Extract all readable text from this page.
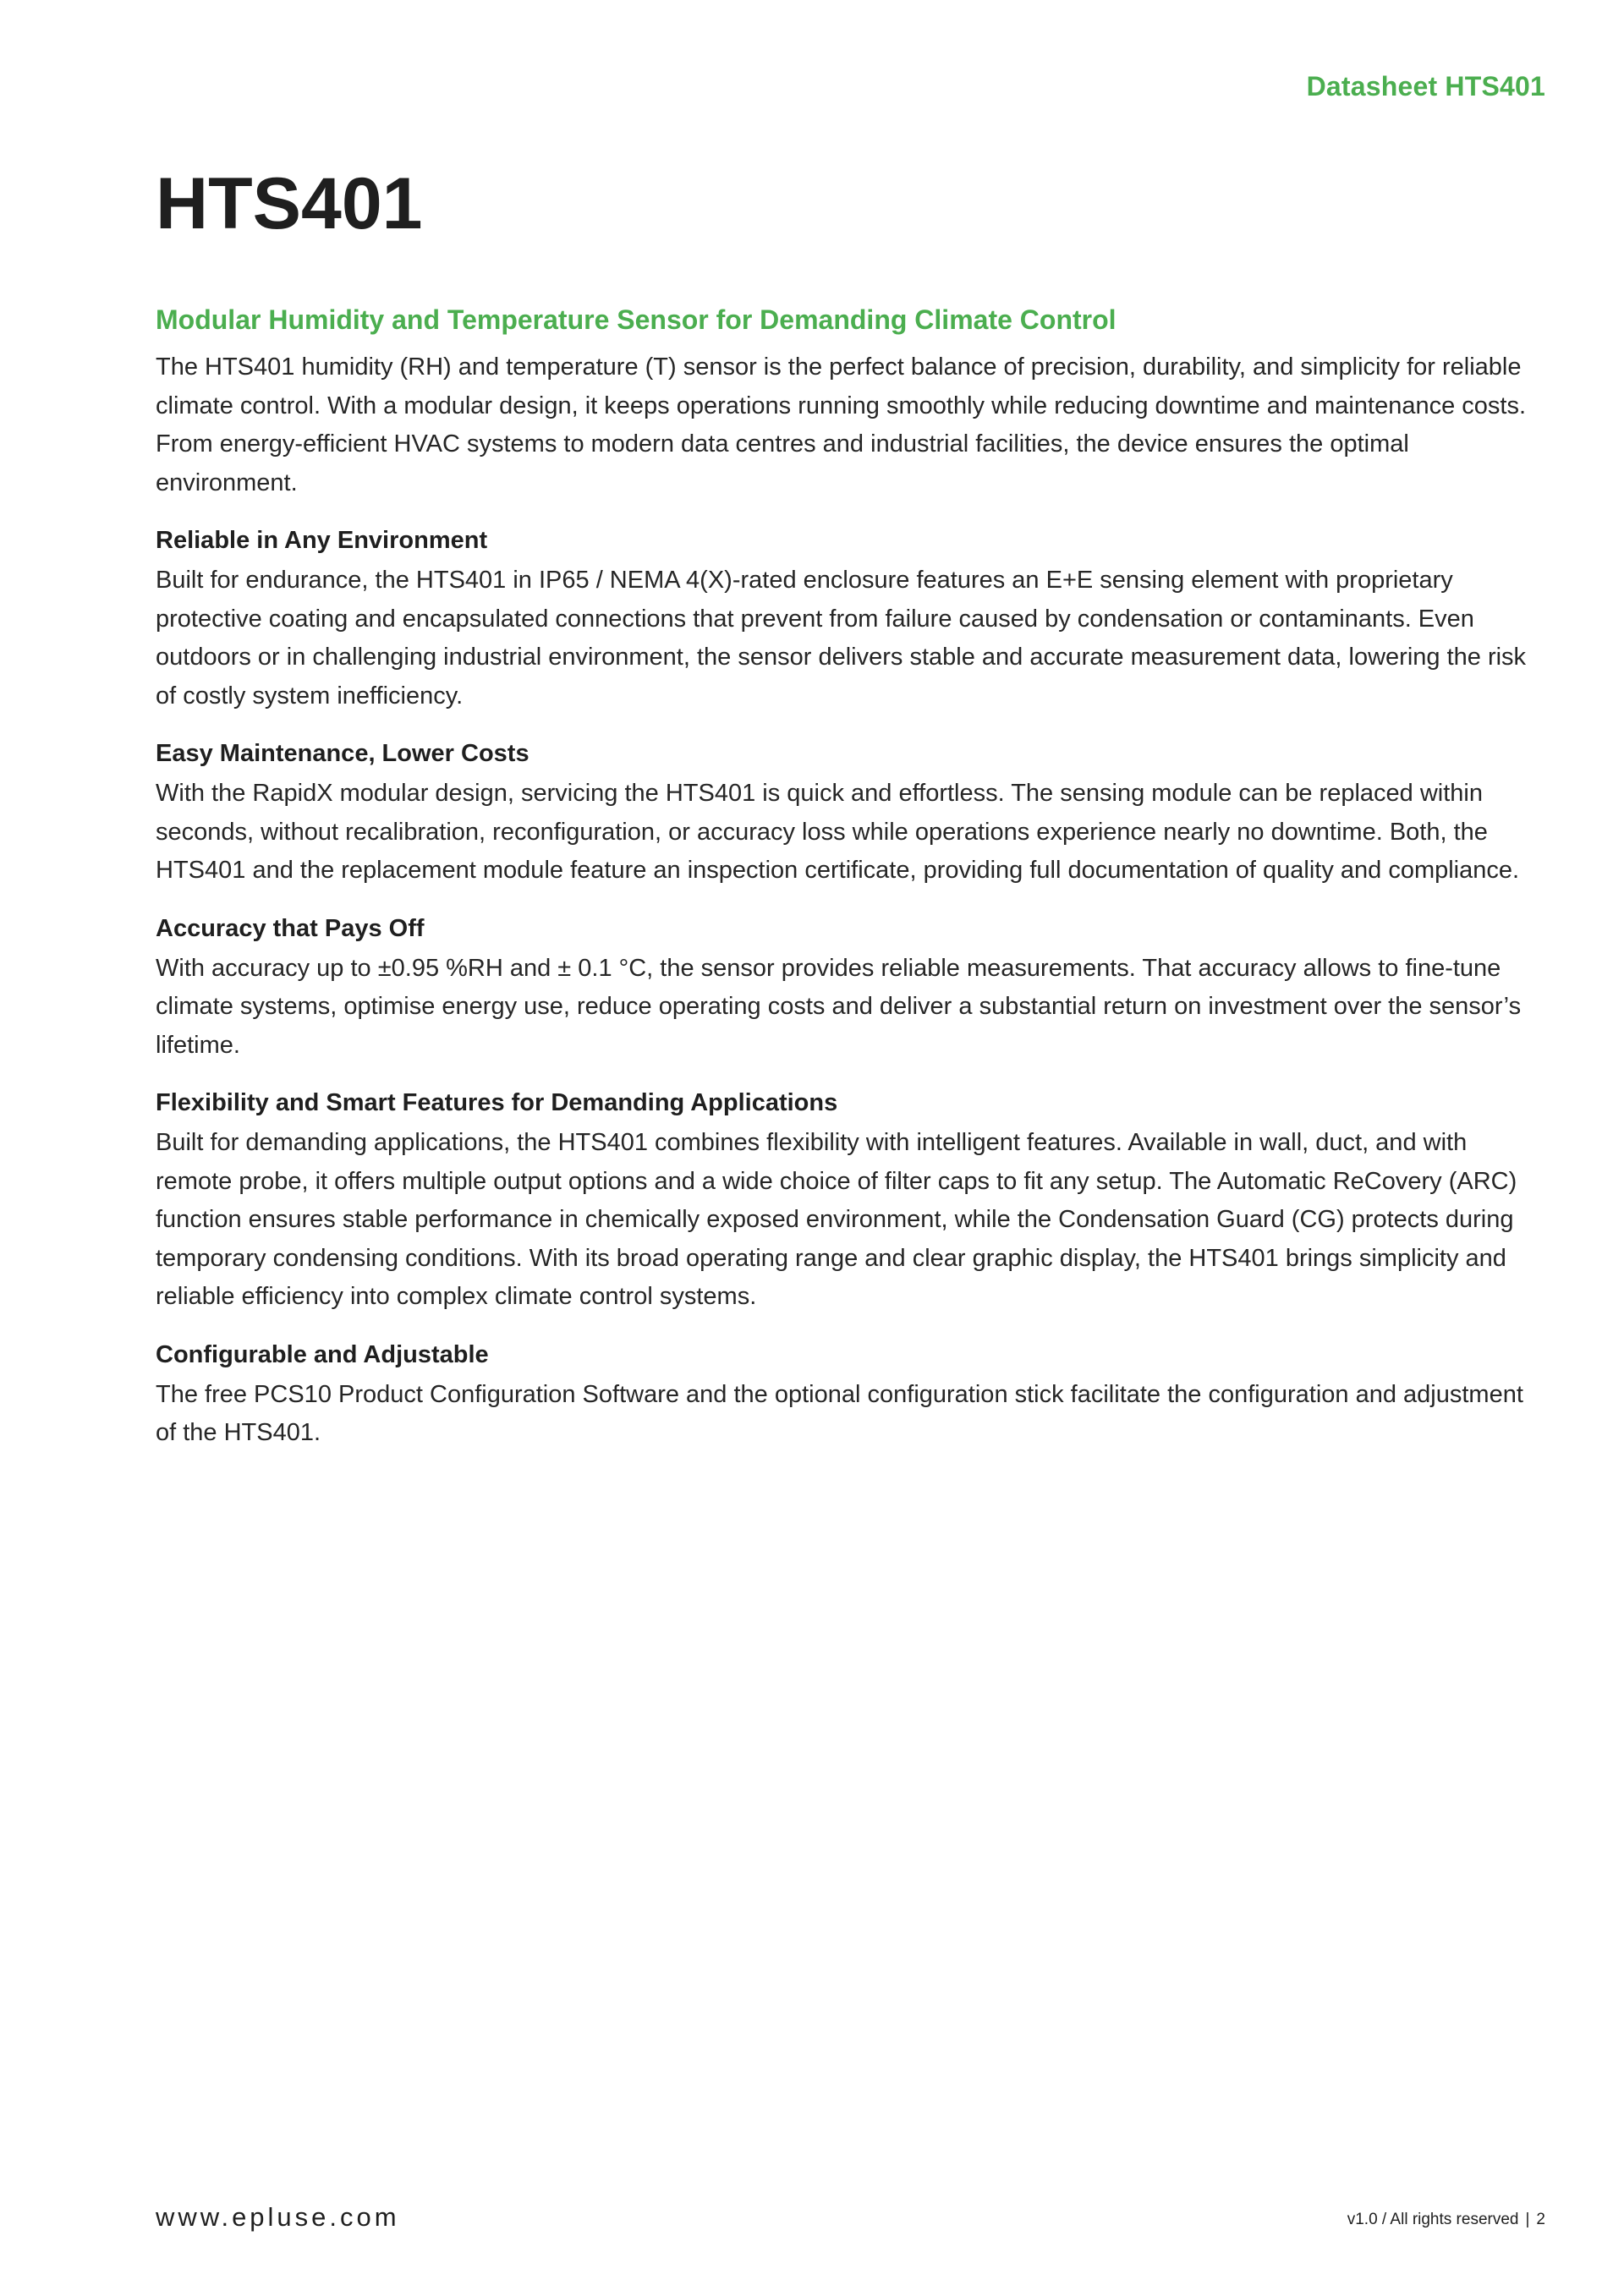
Datasheet HTS401
HTS401
Modular Humidity and Temperature Sensor for Demanding Climate Control

The HTS401 humidity (RH) and temperature (T) sensor is the perfect balance of precision, durability, and simplicity for reliable climate control. With a modular design, it keeps operations running smoothly while reducing downtime and maintenance costs. From energy-efficient HVAC systems to modern data centres and industrial facilities, the device ensures the optimal environment.

Reliable in Any Environment

Built for endurance, the HTS401 in IP65 / NEMA 4(X)-rated enclosure features an E+E sensing element with proprietary protective coating and encapsulated connections that prevent from failure caused by condensation or contaminants. Even outdoors or in challenging industrial environment, the sensor delivers stable and accurate measurement data, lowering the risk of costly system inefficiency.

Easy Maintenance, Lower Costs

With the RapidX modular design, servicing the HTS401 is quick and effortless. The sensing module can be replaced within seconds, without recalibration, reconfiguration, or accuracy loss while operations experience nearly no downtime. Both, the HTS401 and the replacement module feature an inspection certificate, providing full documentation of quality and compliance.

Accuracy that Pays Off

With accuracy up to ±0.95 %RH and ± 0.1 °C, the sensor provides reliable measurements. That accuracy allows to fine-tune climate systems, optimise energy use, reduce operating costs and deliver a substantial return on investment over the sensor’s lifetime.

Flexibility and Smart Features for Demanding Applications

Built for demanding applications, the HTS401 combines flexibility with intelligent features. Available in wall, duct, and with remote probe, it offers multiple output options and a wide choice of filter caps to fit any setup. The Automatic ReCovery (ARC) function ensures stable performance in chemically exposed environment, while the Condensation Guard (CG) protects during temporary condensing conditions. With its broad operating range and clear graphic display, the HTS401 brings simplicity and reliable efficiency into complex climate control systems.

Configurable and Adjustable

The free PCS10 Product Configuration Software and the optional configuration stick facilitate the configuration and adjustment of the HTS401.

www.epluse.com	v1.0 / All rights reserved | 2
